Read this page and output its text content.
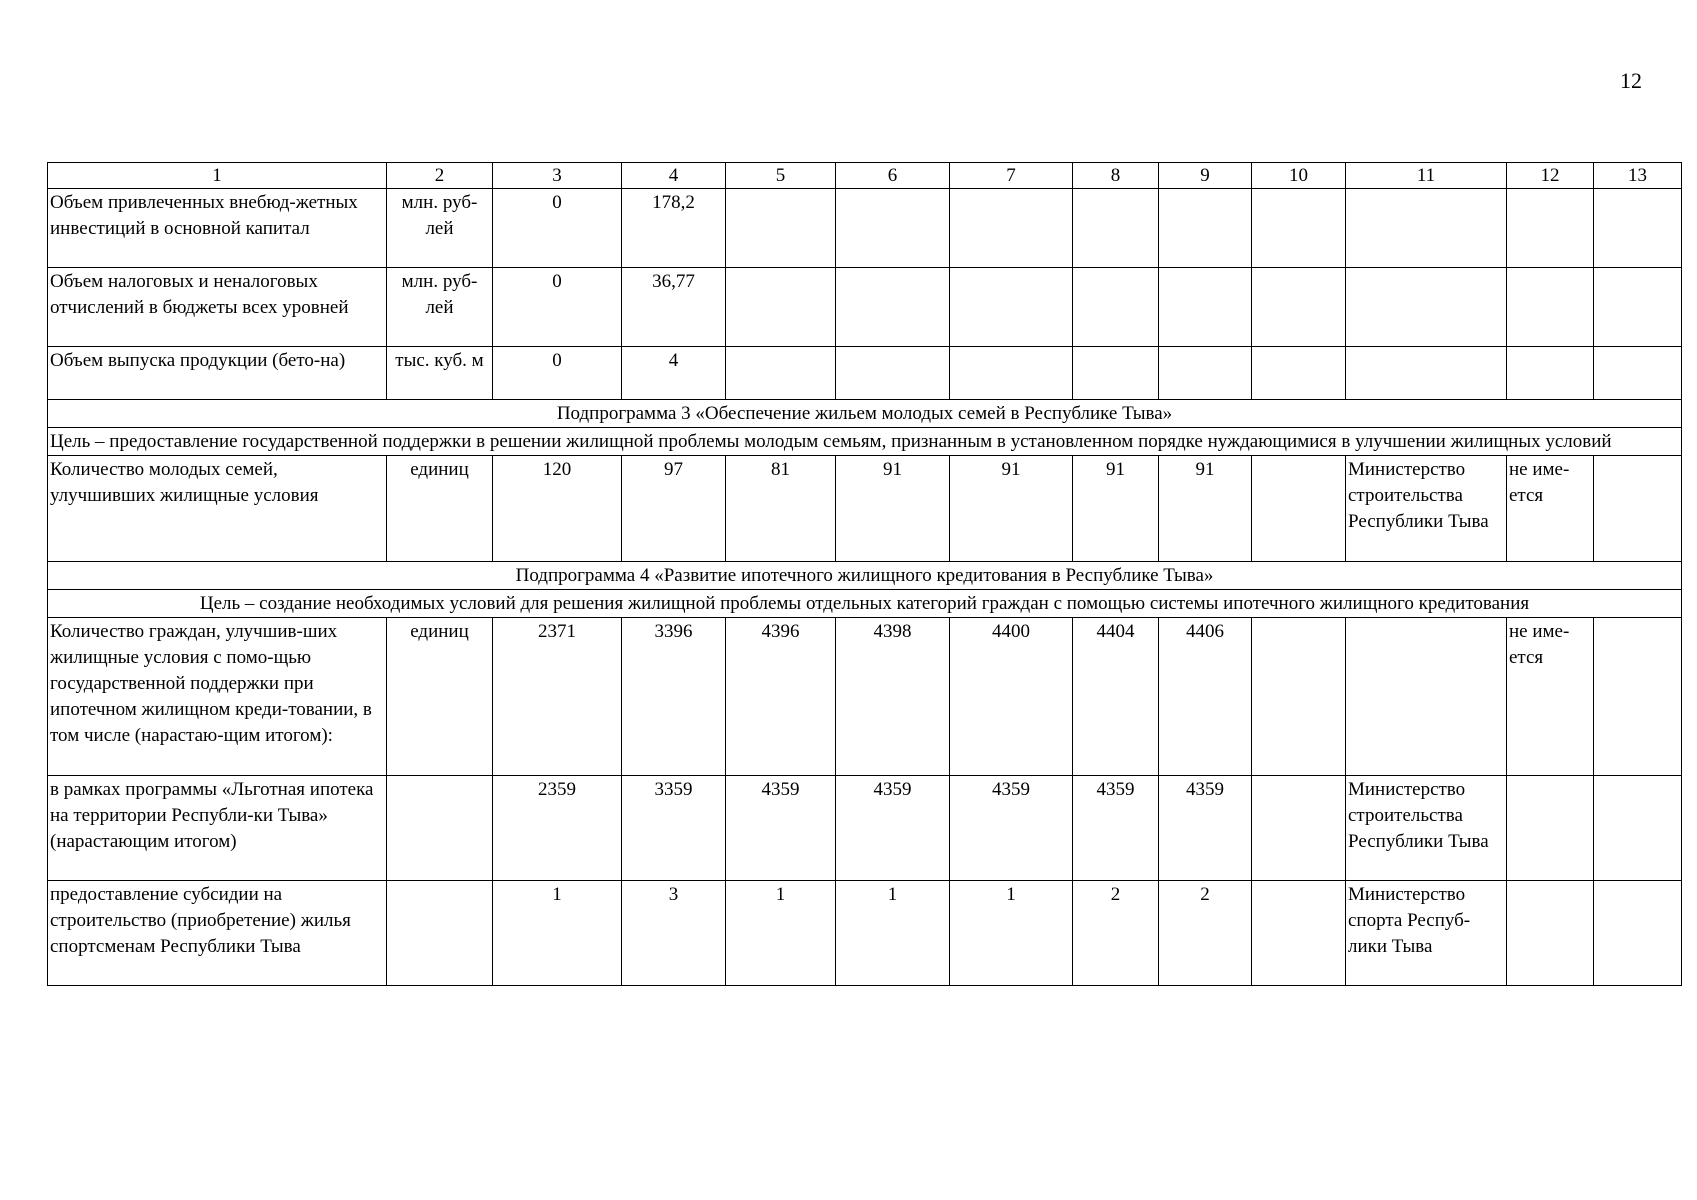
12
1	2	3	4	5	6	7	8	9	10	11	12	13
Объем привлеченных внебюд-жетных инвестиций в основной капитал	млн. руб-лей	0	178,2									
Объем налоговых и неналоговых отчислений в бюджеты всех уровней	млн. руб-лей	0	36,77									
Объем выпуска продукции (бето-на)	тыс. куб. м	0	4									
Подпрограмма 3 «Обеспечение жильем молодых семей в Республике Тыва»												
Цель – предоставление государственной поддержки в решении жилищной проблемы молодым семьям, признанным в установленном порядке нуждающимися в улучшении жилищных условий												
Количество молодых семей, улучшивших жилищные условия	единиц	120	97	81	91	91	91	91		Министерство строительства Республики Тыва	не име-ется	
Подпрограмма 4 «Развитие ипотечного жилищного кредитования в Республике Тыва»												
Цель – создание необходимых условий для решения жилищной проблемы отдельных категорий граждан с помощью системы ипотечного жилищного кредитования												
Количество граждан, улучшив-ших жилищные условия с помо-щью государственной поддержки при ипотечном жилищном креди-товании, в том числе (нарастаю-щим итогом):	единиц	2371	3396	4396	4398	4400	4404	4406			не име-ется	
в рамках программы «Льготная ипотека на территории Республи-ки Тыва» (нарастающим итогом)		2359	3359	4359	4359	4359	4359	4359		Министерство строительства Республики Тыва		
предоставление субсидии на строительство (приобретение) жилья спортсменам Республики Тыва		1	3	1	1	1	2	2		Министерство спорта Респуб-лики Тыва		
